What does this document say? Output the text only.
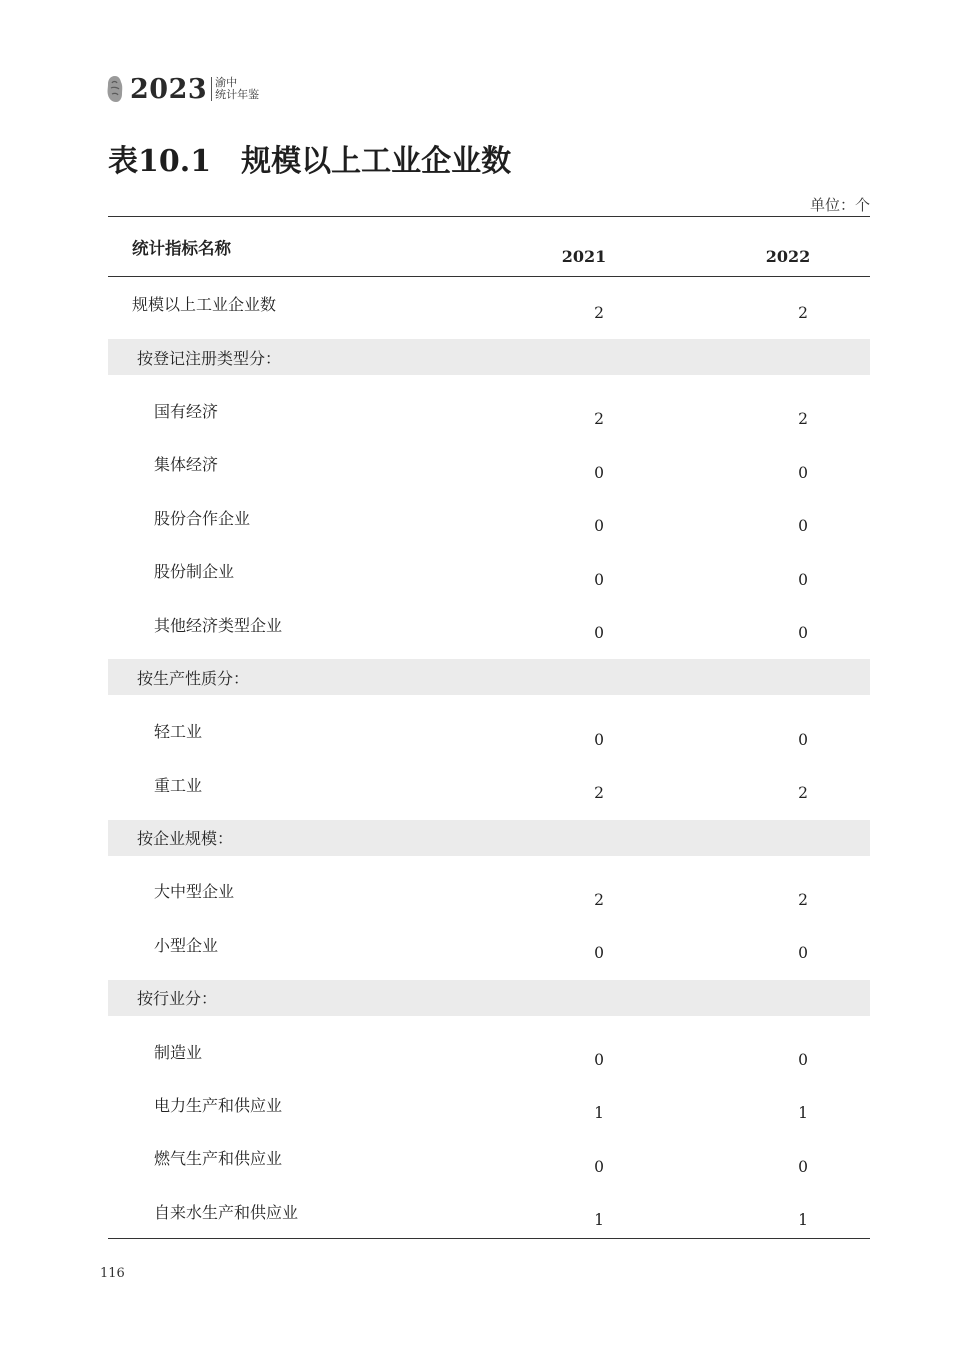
2023 渝中
统计年鉴
表10.1 规模以上工业企业数
单位：个
统计指标名称	2021	2022
规模以上工业企业数	2	2
按登记注册类型分：
国有经济	2	2
集体经济	0	0
股份合作企业	0	0
股份制企业	0	0
其他经济类型企业	0	0
按生产性质分：
轻工业	0	0
重工业	2	2
按企业规模：
大中型企业	2	2
小型企业	0	0
按行业分：
制造业	0	0
电力生产和供应业	1	1
燃气生产和供应业	0	0
自来水生产和供应业	1	1
116
